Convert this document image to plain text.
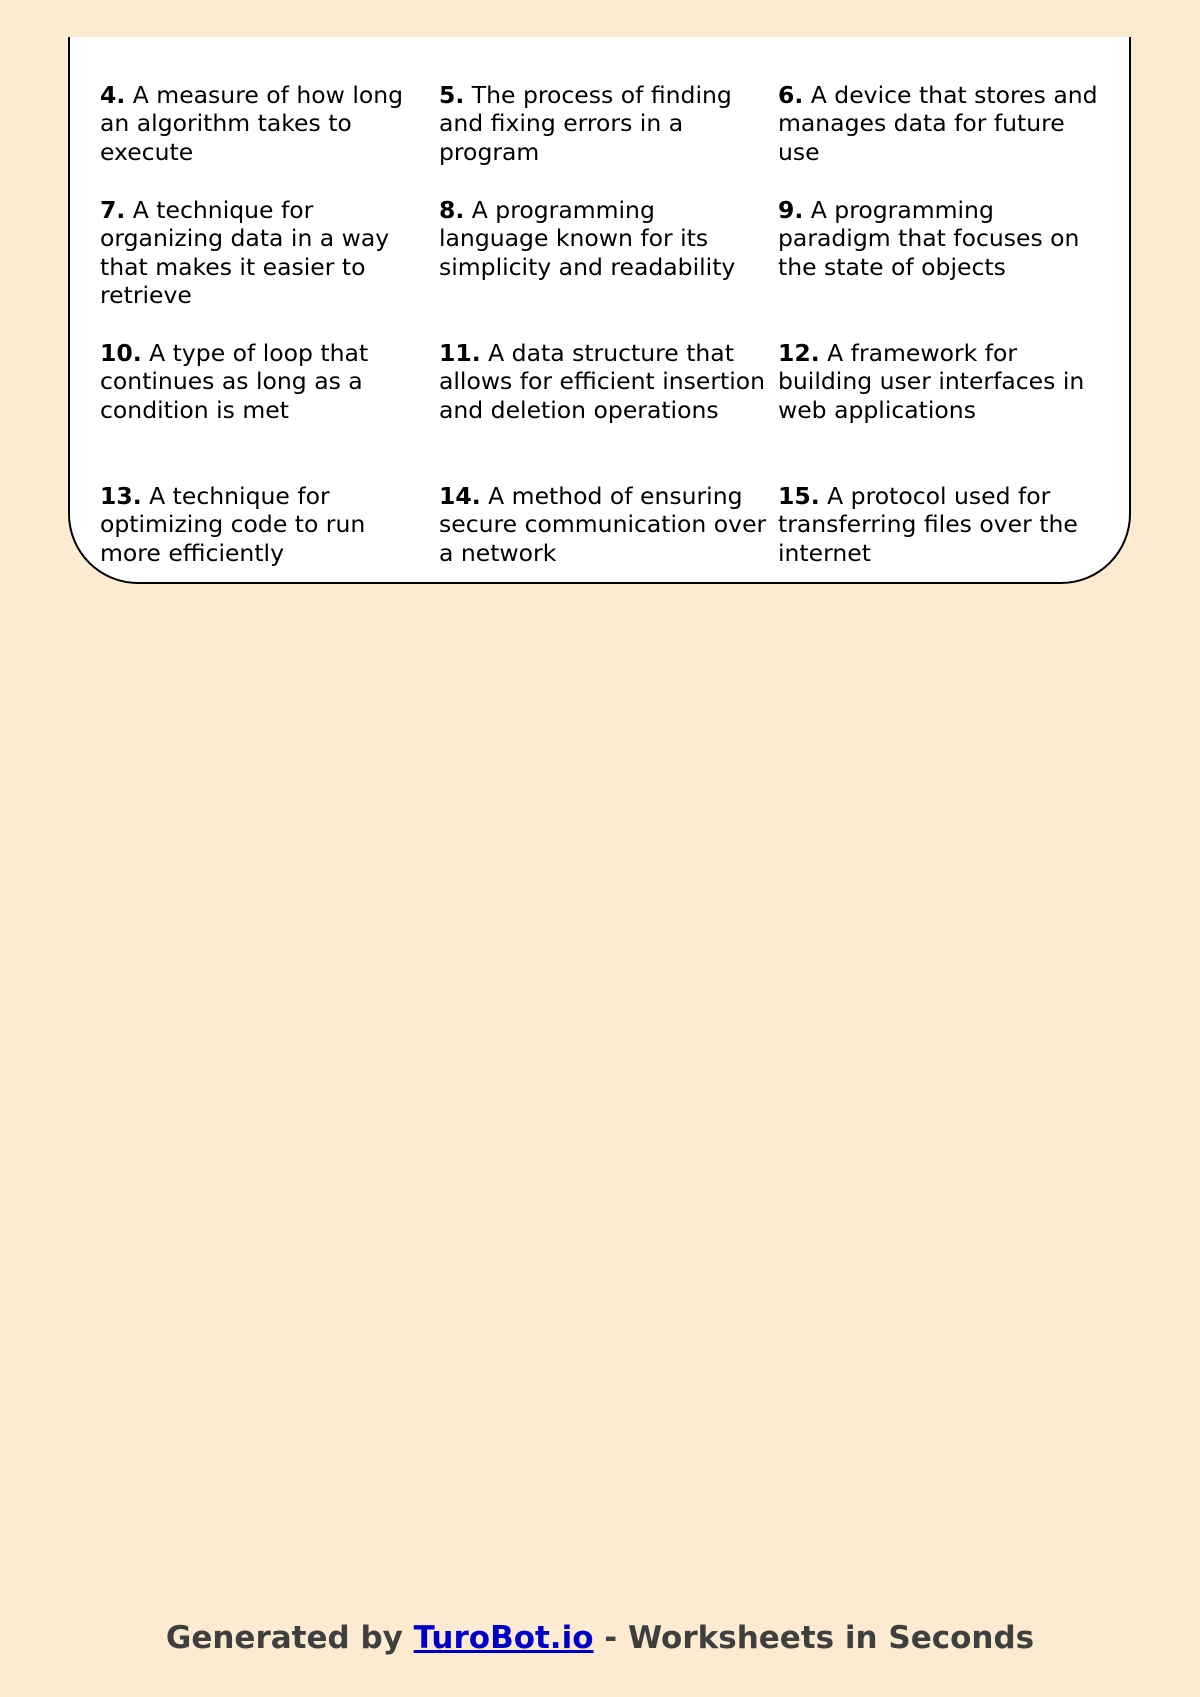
4. A measure of how long an algorithm takes to execute
5. The process of finding and fixing errors in a program
6. A device that stores and manages data for future use
7. A technique for organizing data in a way that makes it easier to retrieve
8. A programming language known for its simplicity and readability
9. A programming paradigm that focuses on the state of objects
10. A type of loop that continues as long as a condition is met
11. A data structure that allows for efficient insertion and deletion operations
12. A framework for building user interfaces in web applications
13. A technique for optimizing code to run more efficiently
14. A method of ensuring secure communication over a network
15. A protocol used for transferring files over the internet
Generated by TuroBot.io - Worksheets in Seconds
